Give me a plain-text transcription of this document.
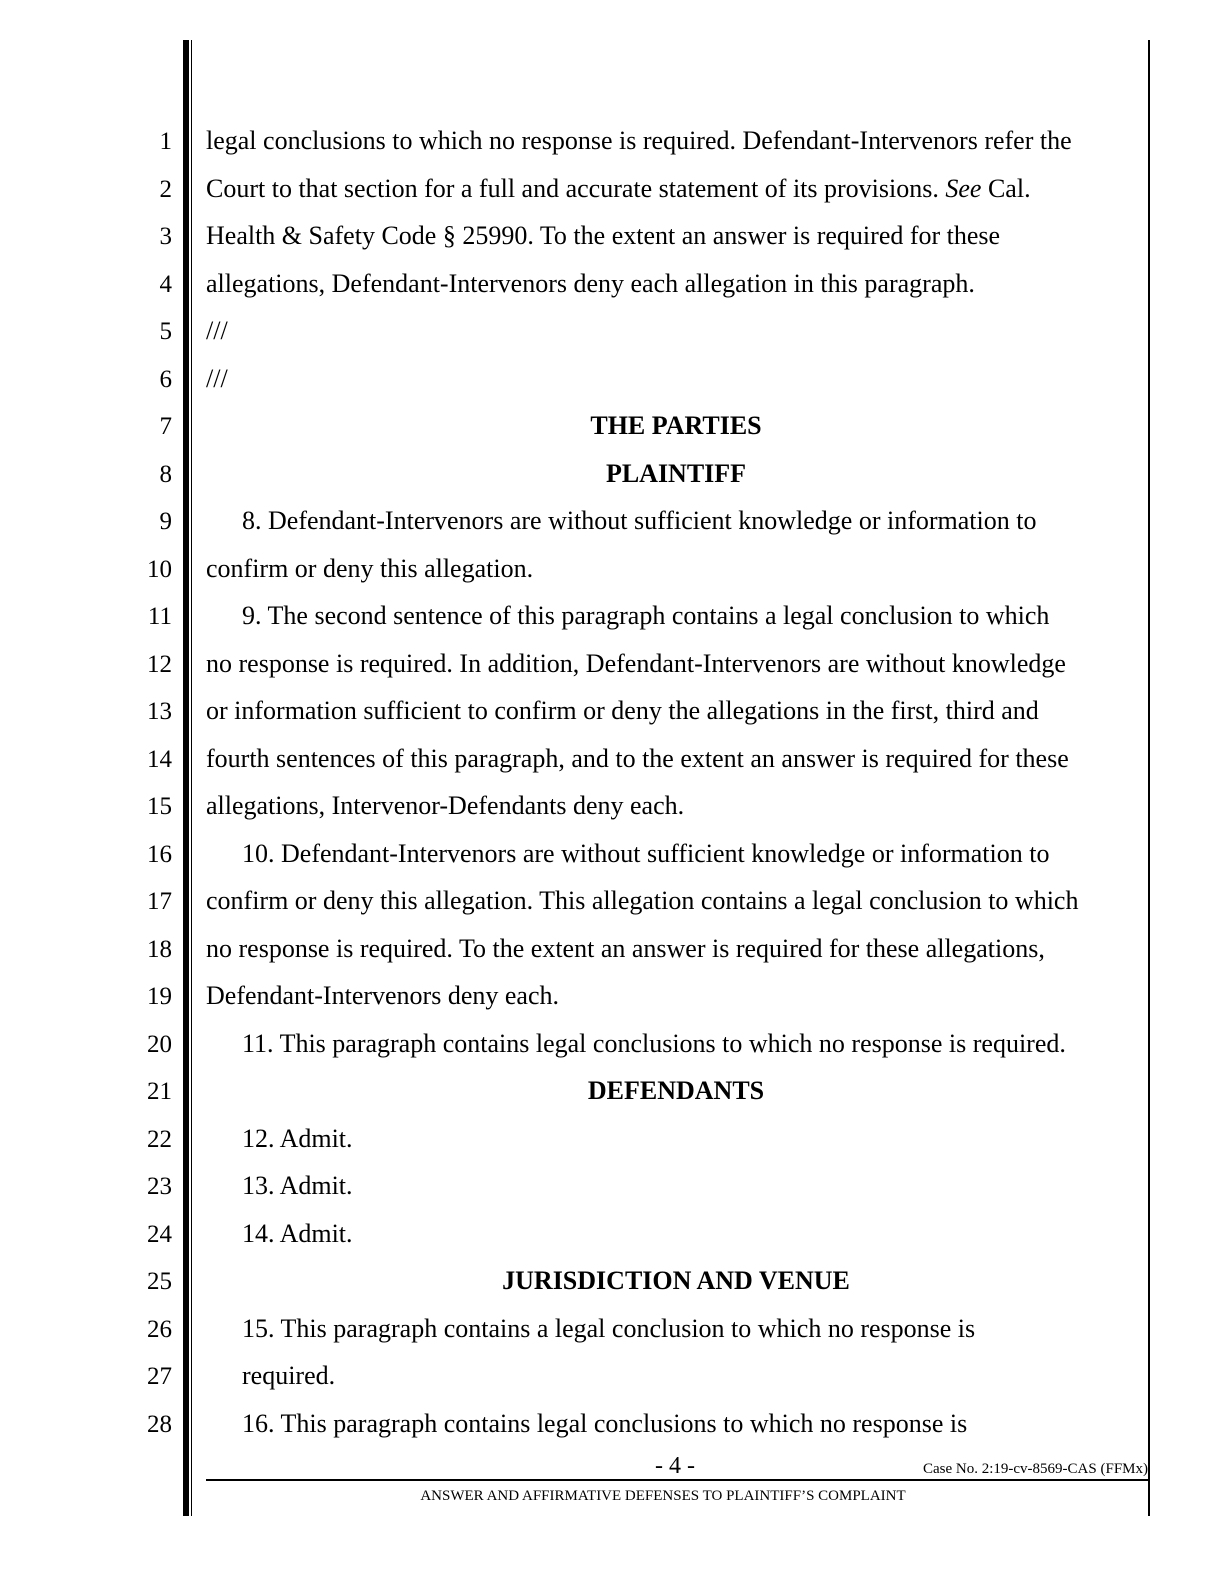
1
2
3
4
5
6
7
8
9
10
11
12
13
14
15
16
17
18
19
20
21
22
23
24
25
26
27
28
legal conclusions to which no response is required. Defendant-Intervenors refer the
Court to that section for a full and accurate statement of its provisions. See Cal.
Health & Safety Code § 25990. To the extent an answer is required for these
allegations, Defendant-Intervenors deny each allegation in this paragraph.
///
///
THE PARTIES
PLAINTIFF
8. Defendant-Intervenors are without sufficient knowledge or information to
confirm or deny this allegation.
9. The second sentence of this paragraph contains a legal conclusion to which
no response is required. In addition, Defendant-Intervenors are without knowledge
or information sufficient to confirm or deny the allegations in the first, third and
fourth sentences of this paragraph, and to the extent an answer is required for these
allegations, Intervenor-Defendants deny each.
10. Defendant-Intervenors are without sufficient knowledge or information to
confirm or deny this allegation. This allegation contains a legal conclusion to which
no response is required. To the extent an answer is required for these allegations,
Defendant-Intervenors deny each.
11. This paragraph contains legal conclusions to which no response is required.
DEFENDANTS
12. Admit.
13. Admit.
14. Admit.
JURISDICTION AND VENUE
15. This paragraph contains a legal conclusion to which no response is
required.
16. This paragraph contains legal conclusions to which no response is
- 4 -	Case No. 2:19-cv-8569-CAS (FFMx)
ANSWER AND AFFIRMATIVE DEFENSES TO PLAINTIFF’S COMPLAINT
